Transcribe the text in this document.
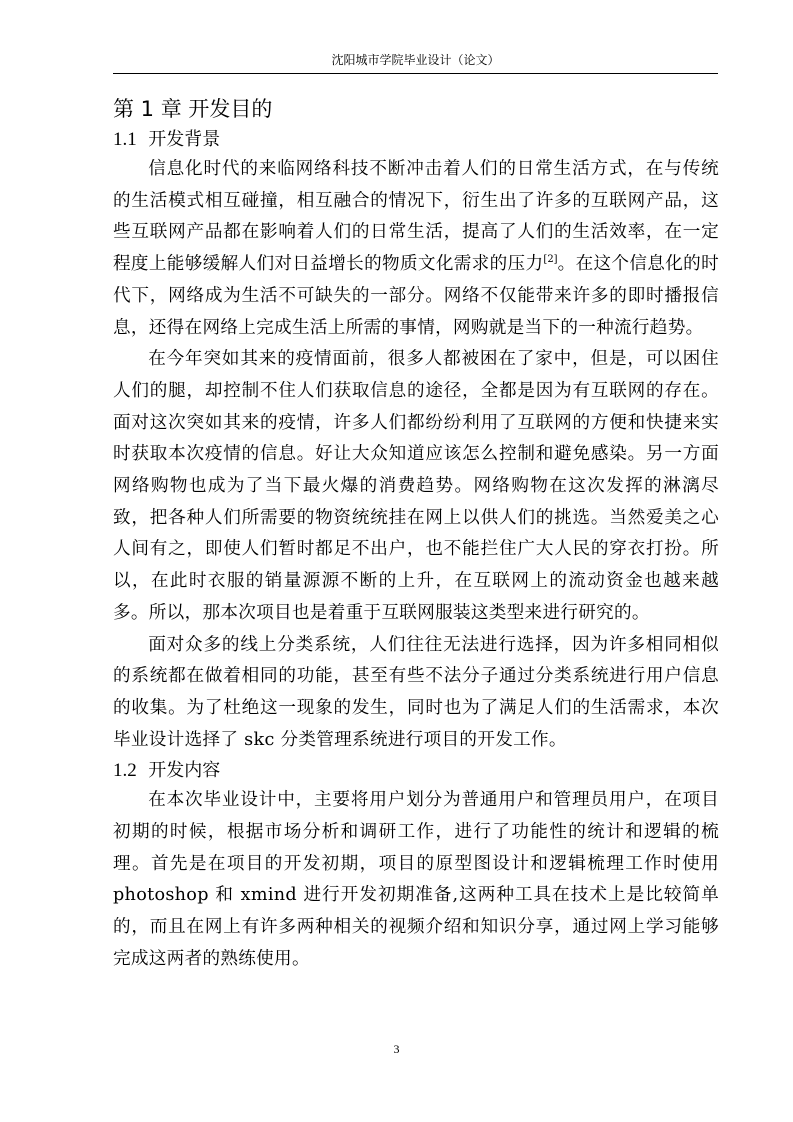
沈阳城市学院毕业设计（论文）
第 1 章 开发目的
1.1 开发背景

信息化时代的来临网络科技不断冲击着人们的日常生活方式，在与传统的生活模式相互碰撞，相互融合的情况下，衍生出了许多的互联网产品，这些互联网产品都在影响着人们的日常生活，提高了人们的生活效率，在一定程度上能够缓解人们对日益增长的物质文化需求的压力[2]。在这个信息化的时代下，网络成为生活不可缺失的一部分。网络不仅能带来许多的即时播报信息，还得在网络上完成生活上所需的事情，网购就是当下的一种流行趋势。

在今年突如其来的疫情面前，很多人都被困在了家中，但是，可以困住人们的腿，却控制不住人们获取信息的途径，全都是因为有互联网的存在。面对这次突如其来的疫情，许多人们都纷纷利用了互联网的方便和快捷来实时获取本次疫情的信息。好让大众知道应该怎么控制和避免感染。另一方面网络购物也成为了当下最火爆的消费趋势。网络购物在这次发挥的淋漓尽致，把各种人们所需要的物资统统挂在网上以供人们的挑选。当然爱美之心人间有之，即使人们暂时都足不出户，也不能拦住广大人民的穿衣打扮。所以，在此时衣服的销量源源不断的上升，在互联网上的流动资金也越来越多。所以，那本次项目也是着重于互联网服装这类型来进行研究的。

面对众多的线上分类系统，人们往往无法进行选择，因为许多相同相似的系统都在做着相同的功能，甚至有些不法分子通过分类系统进行用户信息的收集。为了杜绝这一现象的发生，同时也为了满足人们的生活需求，本次毕业设计选择了 skc 分类管理系统进行项目的开发工作。

1.2 开发内容

在本次毕业设计中，主要将用户划分为普通用户和管理员用户，在项目初期的时候，根据市场分析和调研工作，进行了功能性的统计和逻辑的梳理。首先是在项目的开发初期，项目的原型图设计和逻辑梳理工作时使用 photoshop 和 xmind 进行开发初期准备,这两种工具在技术上是比较简单的，而且在网上有许多两种相关的视频介绍和知识分享，通过网上学习能够完成这两者的熟练使用。

3
